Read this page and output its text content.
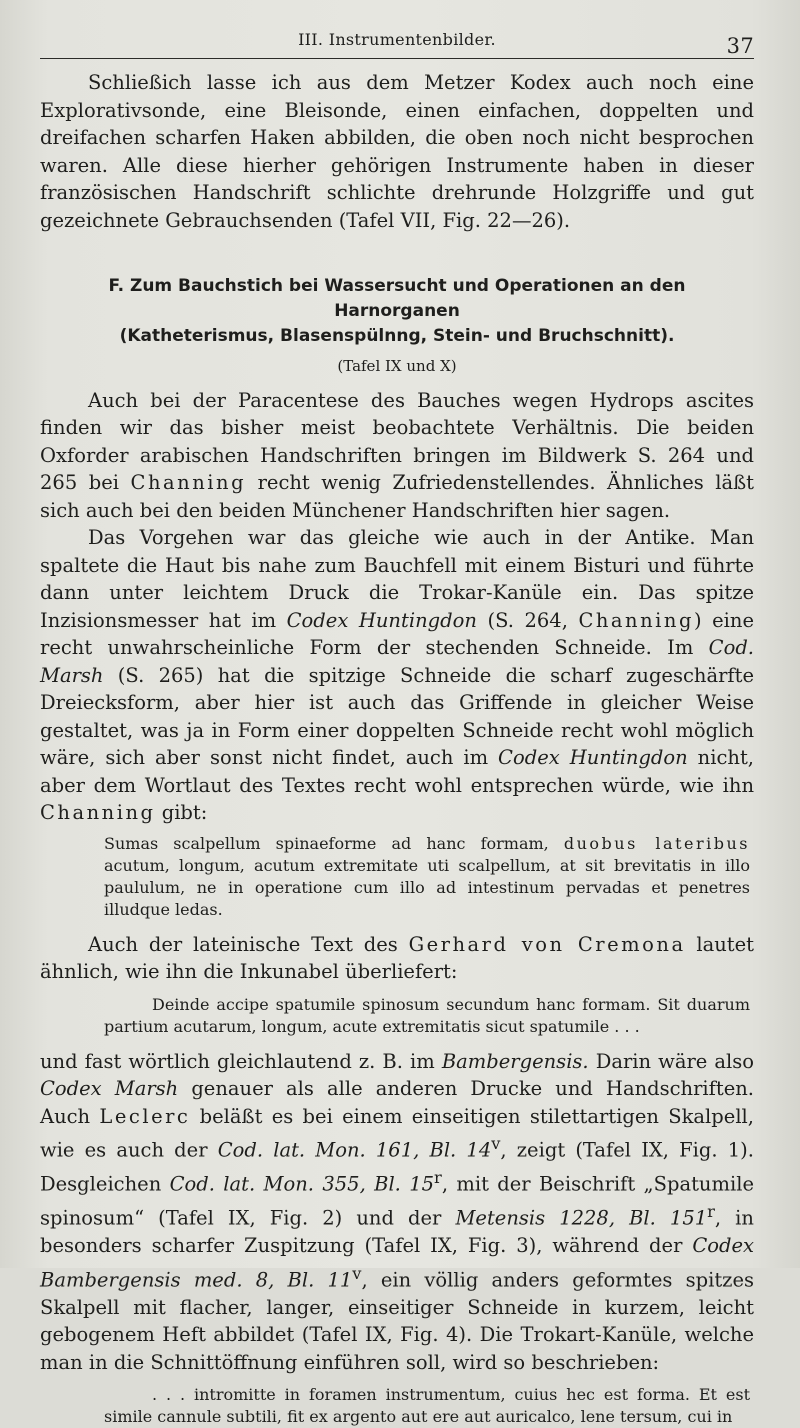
III. Instrumentenbilder.	37

Schließich lasse ich aus dem Metzer Kodex auch noch eine Explorativsonde, eine Bleisonde, einen einfachen, doppelten und dreifachen scharfen Haken abbilden, die oben noch nicht besprochen waren. Alle diese hierher gehörigen Instrumente haben in dieser französischen Handschrift schlichte drehrunde Holzgriffe und gut gezeichnete Gebrauchsenden (Tafel VII, Fig. 22—26).

F. Zum Bauchstich bei Wassersucht und Operationen an den Harnorganen
(Katheterismus, Blasenspülnng, Stein- und Bruchschnitt).
(Tafel IX und X)

Auch bei der Paracentese des Bauches wegen Hydrops ascites finden wir das bisher meist beobachtete Verhältnis. Die beiden Oxforder arabischen Handschriften bringen im Bildwerk S. 264 und 265 bei Channing recht wenig Zufriedenstellendes. Ähnliches läßt sich auch bei den beiden Münchener Handschriften hier sagen.

Das Vorgehen war das gleiche wie auch in der Antike. Man spaltete die Haut bis nahe zum Bauchfell mit einem Bisturi und führte dann unter leichtem Druck die Trokar-Kanüle ein. Das spitze Inzisionsmesser hat im Codex Huntingdon (S. 264, Channing) eine recht unwahrscheinliche Form der stechenden Schneide. Im Cod. Marsh (S. 265) hat die spitzige Schneide die scharf zugeschärfte Dreiecksform, aber hier ist auch das Griffende in gleicher Weise gestaltet, was ja in Form einer doppelten Schneide recht wohl möglich wäre, sich aber sonst nicht findet, auch im Codex Huntingdon nicht, aber dem Wortlaut des Textes recht wohl entsprechen würde, wie ihn Channing gibt:

Sumas scalpellum spinaeforme ad hanc formam, duobus lateribus acutum, longum, acutum extremitate uti scalpellum, at sit brevitatis in illo paululum, ne in operatione cum illo ad intestinum pervadas et penetres illudque ledas.

Auch der lateinische Text des Gerhard von Cremona lautet ähnlich, wie ihn die Inkunabel überliefert:

Deinde accipe spatumile spinosum secundum hanc formam. Sit duarum partium acutarum, longum, acute extremitatis sicut spatumile . . .

und fast wörtlich gleichlautend z. B. im Bambergensis. Darin wäre also Codex Marsh genauer als alle anderen Drucke und Handschriften. Auch Leclerc beläßt es bei einem einseitigen stilettartigen Skalpell, wie es auch der Cod. lat. Mon. 161, Bl. 14$^v$, zeigt (Tafel IX, Fig. 1). Desgleichen Cod. lat. Mon. 355, Bl. 15$^r$, mit der Beischrift „Spatumile spinosum“ (Tafel IX, Fig. 2) und der Metensis 1228, Bl. 151$^r$, in besonders scharfer Zuspitzung (Tafel IX, Fig. 3), während der Codex Bambergensis med. 8, Bl. 11$^v$, ein völlig anders geformtes spitzes Skalpell mit flacher, langer, einseitiger Schneide in kurzem, leicht gebogenem Heft abbildet (Tafel IX, Fig. 4). Die Trokart-Kanüle, welche man in die Schnittöffnung einführen soll, wird so beschrieben:

. . . intromitte in foramen instrumentum, cuius hec est forma. Et est simile cannule subtili, fit ex argento aut ere aut auricalco, lene tersum, cui in
